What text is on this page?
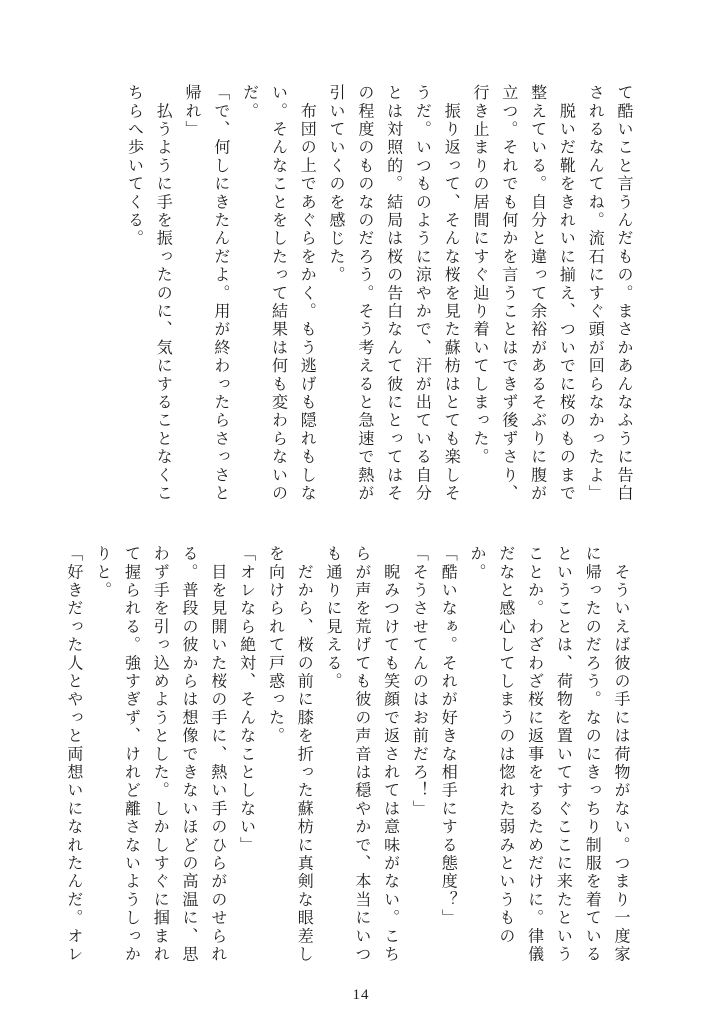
て酷いこと言うんだもの。まさかあんなふうに告白されるなんてね。流石にすぐ頭が回らなかったよ」

　脱いだ靴をきれいに揃え、ついでに桜のものまで整えている。自分と違って余裕があるそぶりに腹が立つ。それでも何かを言うことはできず後ずさり、行き止まりの居間にすぐ辿り着いてしまった。

　振り返って、そんな桜を見た蘇枋はとても楽しそうだ。いつものように涼やかで、汗が出ている自分とは対照的。結局は桜の告白なんて彼にとってはその程度のものなのだろう。そう考えると急速で熱が引いていくのを感じた。

　布団の上であぐらをかく。もう逃げも隠れもしない。そんなことをしたって結果は何も変わらないのだ。

「で、何しにきたんだよ。用が終わったらさっさと帰れ」

　払うように手を振ったのに、気にすることなくこちらへ歩いてくる。

　そういえば彼の手には荷物がない。つまり一度家に帰ったのだろう。なのにきっちり制服を着ているということは、荷物を置いてすぐここに来たということか。わざわざ桜に返事をするためだけに。律儀だなと感心してしまうのは惚れた弱みというものか。

「酷いなぁ。それが好きな相手にする態度？」

「そうさせてんのはお前だろ！」

　睨みつけても笑顔で返されては意味がない。こちらが声を荒げても彼の声音は穏やかで、本当にいつも通りに見える。

　だから、桜の前に膝を折った蘇枋に真剣な眼差しを向けられて戸惑った。

「オレなら絶対、そんなことしない」

　目を見開いた桜の手に、熱い手のひらがのせられる。普段の彼からは想像できないほどの高温に、思わず手を引っ込めようとした。しかしすぐに掴まれて握られる。強すぎず、けれど離さないようしっかりと。

「好きだった人とやっと両想いになれたんだ。オレ

14
